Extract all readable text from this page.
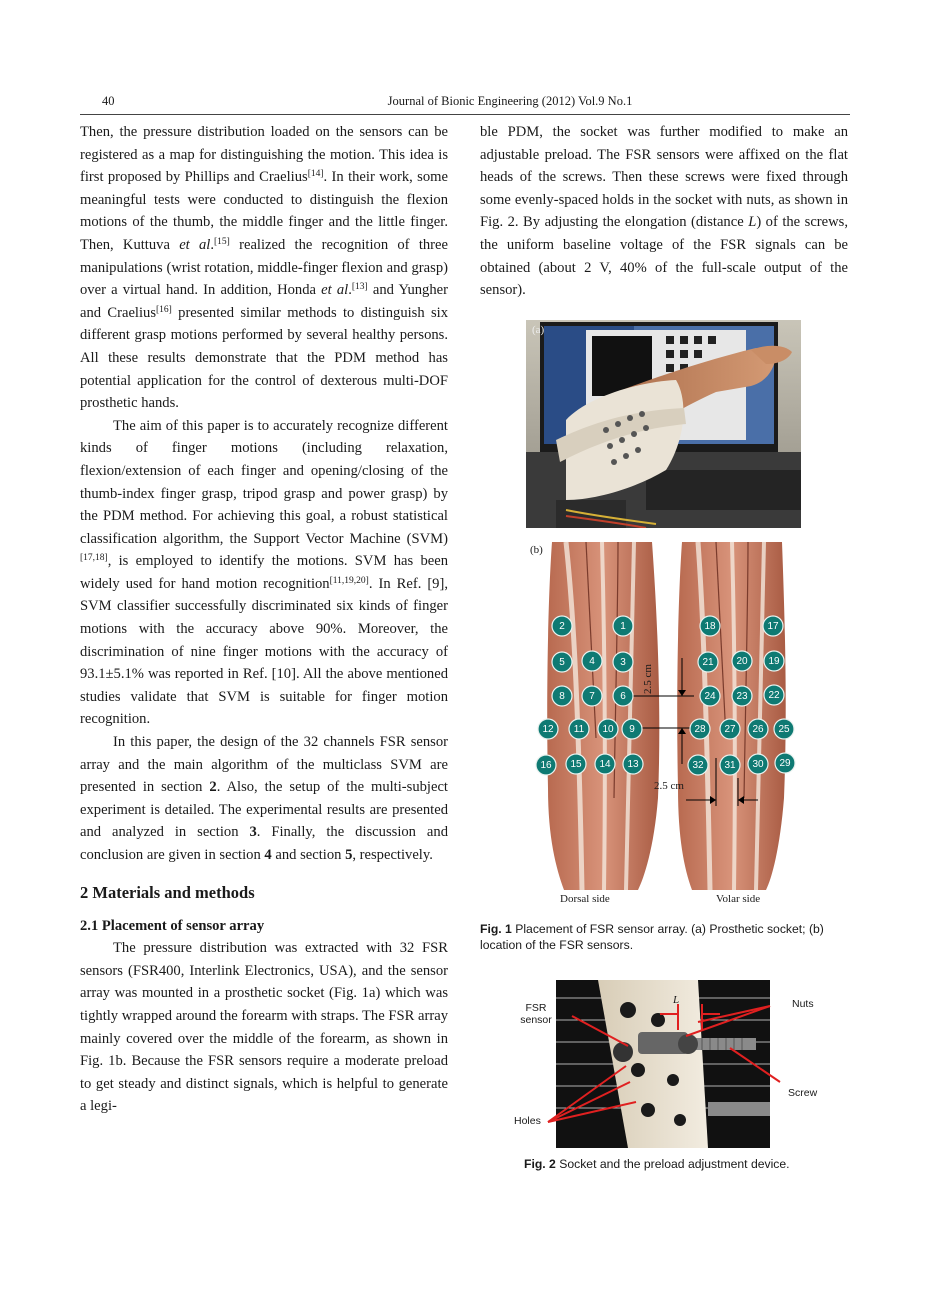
40	Journal of Bionic Engineering (2012) Vol.9 No.1

Then, the pressure distribution loaded on the sensors can be registered as a map for distinguishing the motion. This idea is first proposed by Phillips and Craelius[14]. In their work, some meaningful tests were conducted to distinguish the flexion motions of the thumb, the middle finger and the little finger. Then, Kuttuva et al.[15] realized the recognition of three manipulations (wrist rotation, middle-finger flexion and grasp) over a virtual hand. In addition, Honda et al.[13] and Yungher and Craelius[16] presented similar methods to distinguish six different grasp motions performed by several healthy persons. All these results demonstrate that the PDM method has potential application for the control of dexterous multi-DOF prosthetic hands.

The aim of this paper is to accurately recognize different kinds of finger motions (including relaxation, flexion/extension of each finger and opening/closing of the thumb-index finger grasp, tripod grasp and power grasp) by the PDM method. For achieving this goal, a robust statistical classification algorithm, the Support Vector Machine (SVM)[17,18], is employed to identify the motions. SVM has been widely used for hand motion recognition[11,19,20]. In Ref. [9], SVM classifier successfully discriminated six kinds of finger motions with the accuracy above 90%. Moreover, the discrimination of nine finger motions with the accuracy of 93.1±5.1% was reported in Ref. [10]. All the above mentioned studies validate that SVM is suitable for finger motion recognition.

In this paper, the design of the 32 channels FSR sensor array and the main algorithm of the multiclass SVM are presented in section 2. Also, the setup of the multi-subject experiment is detailed. The experimental results are presented and analyzed in section 3. Finally, the discussion and conclusion are given in section 4 and section 5, respectively.

2 Materials and methods
2.1 Placement of sensor array

The pressure distribution was extracted with 32 FSR sensors (FSR400, Interlink Electronics, USA), and the sensor array was mounted in a prosthetic socket (Fig. 1a) which was tightly wrapped around the forearm with straps. The FSR array mainly covered over the middle of the forearm, as shown in Fig. 1b. Because the FSR sensors require a moderate preload to get steady and distinct signals, which is helpful to generate a legi-

ble PDM, the socket was further modified to make an adjustable preload. The FSR sensors were affixed on the flat heads of the screws. Then these screws were fixed through some evenly-spaced holds in the socket with nuts, as shown in Fig. 2. By adjusting the elongation (distance L) of the screws, the uniform baseline voltage of the FSR signals can be obtained (about 2 V, 40% of the full-scale output of the sensor).

(a)
1
2
3
4
5
6
7
8
9
10
11
12
13
14
15
16
17
18
19
20
21
22
23
24
25
26
27
28
29
30
31
32
(b)
2.5 cm
2.5 cm
Dorsal side	Volar side
Fig. 1 Placement of FSR sensor array. (a) Prosthetic socket; (b) location of the FSR sensors.
FSR sensor
L	Nuts
Screw
Holes
Fig. 2 Socket and the preload adjustment device.
